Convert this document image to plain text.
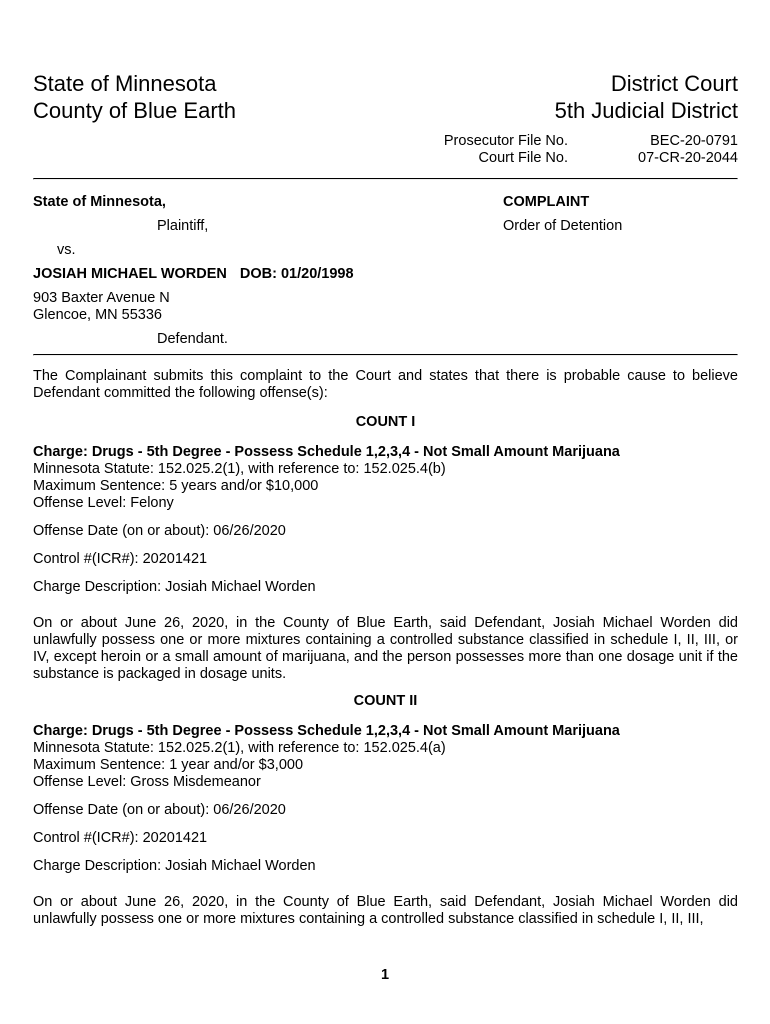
State of Minnesota
County of Blue Earth
District Court
5th Judicial District
Prosecutor File No.
Court File No.
BEC-20-0791
07-CR-20-2044
State of Minnesota,
Plaintiff,
vs.
JOSIAH MICHAEL WORDEN DOB: 01/20/1998
903 Baxter Avenue N
Glencoe, MN 55336
Defendant.
COMPLAINT
Order of Detention
The Complainant submits this complaint to the Court and states that there is probable cause to believe Defendant committed the following offense(s):
COUNT I
Charge: Drugs - 5th Degree - Possess Schedule 1,2,3,4 - Not Small Amount Marijuana
Minnesota Statute: 152.025.2(1), with reference to: 152.025.4(b)
Maximum Sentence: 5 years and/or $10,000
Offense Level: Felony
Offense Date (on or about): 06/26/2020
Control #(ICR#): 20201421
Charge Description: Josiah Michael Worden
On or about June 26, 2020, in the County of Blue Earth, said Defendant, Josiah Michael Worden did unlawfully possess one or more mixtures containing a controlled substance classified in schedule I, II, III, or IV, except heroin or a small amount of marijuana, and the person possesses more than one dosage unit if the substance is packaged in dosage units.
COUNT II
Charge: Drugs - 5th Degree - Possess Schedule 1,2,3,4 - Not Small Amount Marijuana
Minnesota Statute: 152.025.2(1), with reference to: 152.025.4(a)
Maximum Sentence: 1 year and/or $3,000
Offense Level: Gross Misdemeanor
Offense Date (on or about): 06/26/2020
Control #(ICR#): 20201421
Charge Description: Josiah Michael Worden
On or about June 26, 2020, in the County of Blue Earth, said Defendant, Josiah Michael Worden did unlawfully possess one or more mixtures containing a controlled substance classified in schedule I, II, III,
1
